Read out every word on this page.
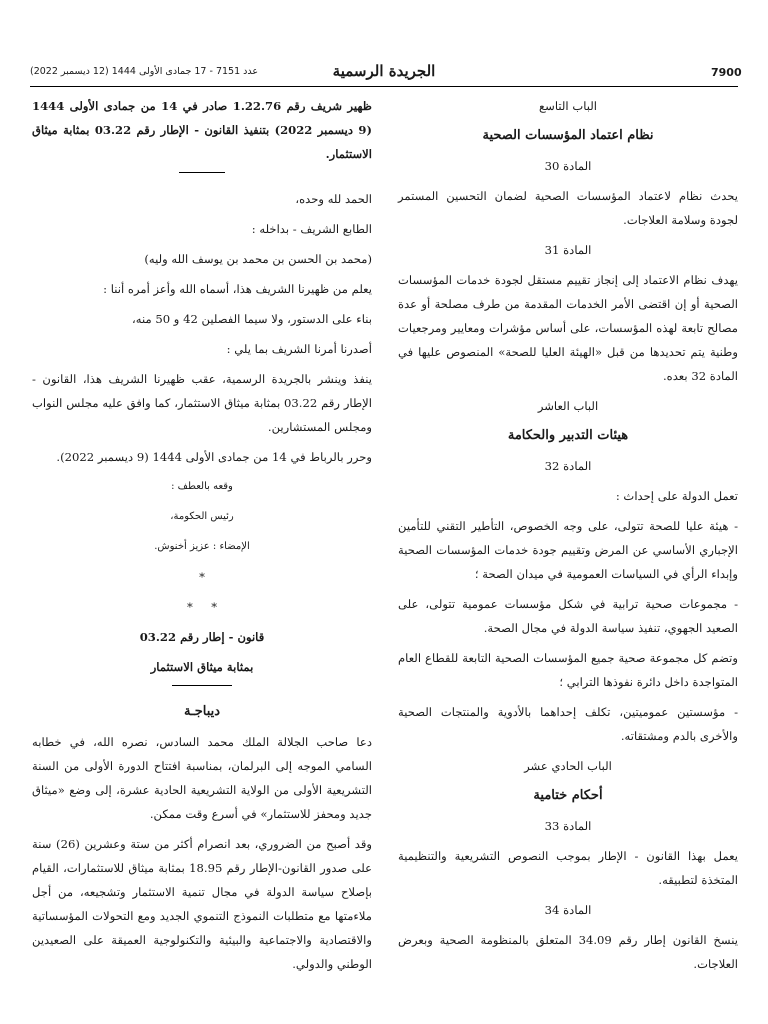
7900
الجريدة الرسمية
عدد 7151 - 17 جمادى الأولى 1444 (12 ديسمبر 2022)

الباب التاسع

نظام اعتماد المؤسسات الصحية

المادة 30

يحدث نظام لاعتماد المؤسسات الصحية لضمان التحسين المستمر لجودة وسلامة العلاجات.

المادة 31

يهدف نظام الاعتماد إلى إنجاز تقييم مستقل لجودة خدمات المؤسسات الصحية أو إن اقتضى الأمر الخدمات المقدمة من طرف مصلحة أو عدة مصالح تابعة لهذه المؤسسات، على أساس مؤشرات ومعايير ومرجعيات وطنية يتم تحديدها من قبل «الهيئة العليا للصحة» المنصوص عليها في المادة 32 بعده.

الباب العاشر

هيئات التدبير والحكامة

المادة 32

تعمل الدولة على إحداث :

- هيئة عليا للصحة تتولى، على وجه الخصوص، التأطير التقني للتأمين الإجباري الأساسي عن المرض وتقييم جودة خدمات المؤسسات الصحية وإبداء الرأي في السياسات العمومية في ميدان الصحة ؛

- مجموعات صحية ترابية في شكل مؤسسات عمومية تتولى، على الصعيد الجهوي، تنفيذ سياسة الدولة في مجال الصحة.

وتضم كل مجموعة صحية جميع المؤسسات الصحية التابعة للقطاع العام المتواجدة داخل دائرة نفوذها الترابي ؛

- مؤسستين عموميتين، تكلف إحداهما بالأدوية والمنتجات الصحية والأخرى بالدم ومشتقاته.

الباب الحادي عشر

أحكام ختامية

المادة 33

يعمل بهذا القانون - الإطار بموجب النصوص التشريعية والتنظيمية المتخذة لتطبيقه.

المادة 34

ينسخ القانون إطار رقم 34.09 المتعلق بالمنظومة الصحية وبعرض العلاجات.

ظهير شريف رقم 1.22.76 صادر في 14 من جمادى الأولى 1444 (9 ديسمبر 2022) بتنفيذ القانون - الإطار رقم 03.22 بمثابة ميثاق الاستثمار.

الحمد لله وحده،

الطابع الشريف - بداخله :

(محمد بن الحسن بن محمد بن يوسف الله وليه)

يعلم من ظهيرنا الشريف هذا، أسماه الله وأعز أمره أننا :

بناء على الدستور، ولا سيما الفصلين 42 و 50 منه،

أصدرنا أمرنا الشريف بما يلي :

ينفذ وينشر بالجريدة الرسمية، عقب ظهيرنا الشريف هذا، القانون - الإطار رقم 03.22 بمثابة ميثاق الاستثمار، كما وافق عليه مجلس النواب ومجلس المستشارين.

وحرر بالرباط في 14 من جمادى الأولى 1444 (9 ديسمبر 2022).

وقعه بالعطف :

رئيس الحكومة،

الإمضاء : عزيز أخنوش.

*

*     *

قانون - إطار رقم 03.22

بمثابة ميثاق الاستثمار

ديباجـة

دعا صاحب الجلالة الملك محمد السادس، نصره الله، في خطابه السامي الموجه إلى البرلمان، بمناسبة افتتاح الدورة الأولى من السنة التشريعية الأولى من الولاية التشريعية الحادية عشرة، إلى وضع «ميثاق جديد ومحفز للاستثمار» في أسرع وقت ممكن.

وقد أصبح من الضروري، بعد انصرام أكثر من ستة وعشرين (26) سنة على صدور القانون-الإطار رقم 18.95 بمثابة ميثاق للاستثمارات، القيام بإصلاح سياسة الدولة في مجال تنمية الاستثمار وتشجيعه، من أجل ملاءمتها مع متطلبات النموذج التنموي الجديد ومع التحولات المؤسساتية والاقتصادية والاجتماعية والبيئية والتكنولوجية العميقة على الصعيدين الوطني والدولي.
